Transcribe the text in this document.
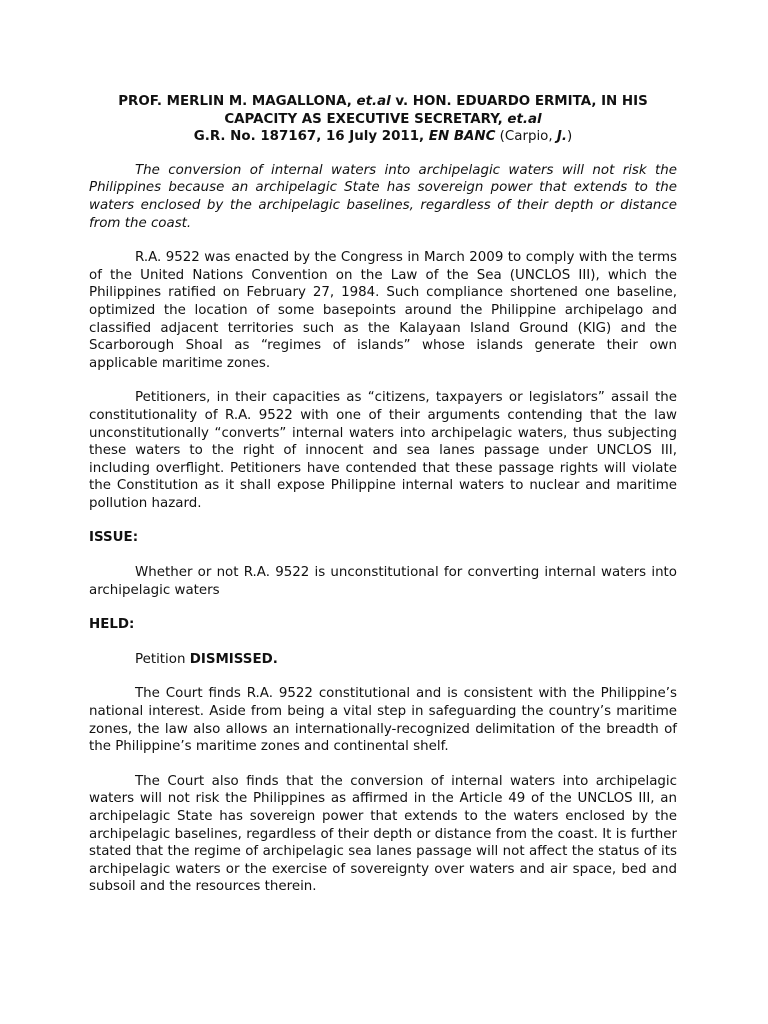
PROF. MERLIN M. MAGALLONA, et.al v. HON. EDUARDO ERMITA, IN HIS
CAPACITY AS EXECUTIVE SECRETARY, et.al
G.R. No. 187167, 16 July 2011, EN BANC (Carpio, J.)

The conversion of internal waters into archipelagic waters will not risk the Philippines because an archipelagic State has sovereign power that extends to the waters enclosed by the archipelagic baselines, regardless of their depth or distance from the coast.

R.A. 9522 was enacted by the Congress in March 2009 to comply with the terms of the United Nations Convention on the Law of the Sea (UNCLOS III), which the Philippines ratified on February 27, 1984. Such compliance shortened one baseline, optimized the location of some basepoints around the Philippine archipelago and classified adjacent territories such as the Kalayaan Island Ground (KIG) and the Scarborough Shoal as “regimes of islands” whose islands generate their own applicable maritime zones.

Petitioners, in their capacities as “citizens, taxpayers or legislators” assail the constitutionality of R.A. 9522 with one of their arguments contending that the law unconstitutionally “converts” internal waters into archipelagic waters, thus subjecting these waters to the right of innocent and sea lanes passage under UNCLOS III, including overflight. Petitioners have contended that these passage rights will violate the Constitution as it shall expose Philippine internal waters to nuclear and maritime pollution hazard.

ISSUE:

Whether or not R.A. 9522 is unconstitutional for converting internal waters into archipelagic waters

HELD:

Petition DISMISSED.

The Court finds R.A. 9522 constitutional and is consistent with the Philippine’s national interest. Aside from being a vital step in safeguarding the country’s maritime zones, the law also allows an internationally-recognized delimitation of the breadth of the Philippine’s maritime zones and continental shelf.

The Court also finds that the conversion of internal waters into archipelagic waters will not risk the Philippines as affirmed in the Article 49 of the UNCLOS III, an archipelagic State has sovereign power that extends to the waters enclosed by the archipelagic baselines, regardless of their depth or distance from the coast. It is further stated that the regime of archipelagic sea lanes passage will not affect the status of its archipelagic waters or the exercise of sovereignty over waters and air space, bed and subsoil and the resources therein.
